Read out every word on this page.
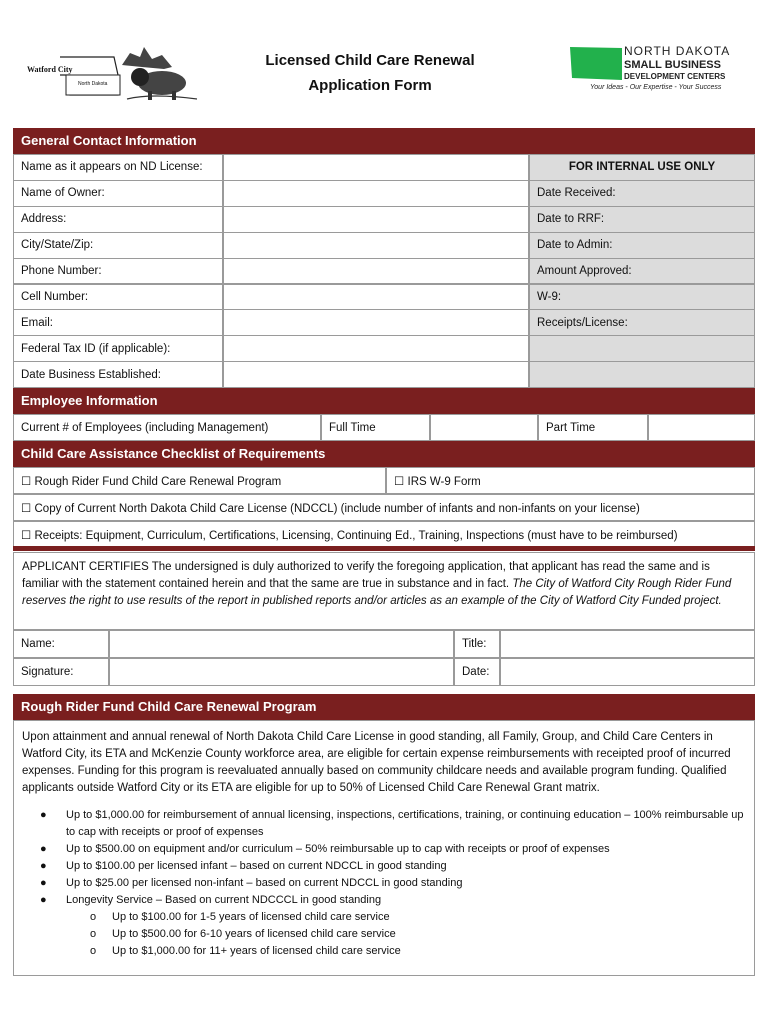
Watford City
North Dakota
Licensed Child Care Renewal
Application Form
NORTH DAKOTA
SMALL BUSINESS
DEVELOPMENT CENTERS
Your Ideas - Our Expertise - Your Success
General Contact Information
Name as it appears on ND License:	FOR INTERNAL USE ONLY
Name of Owner:	Date Received:
Address:	Date to RRF:
City/State/Zip:	Date to Admin:
Phone Number:	Amount Approved:
Cell Number:	W-9:
Email:	Receipts/License:
Federal Tax ID (if applicable):
Date Business Established:
Employee Information
Current # of Employees (including Management)	Full Time	Part Time
Child Care Assistance Checklist of Requirements
☐ Rough Rider Fund Child Care Renewal Program	☐ IRS W-9 Form
☐ Copy of Current North Dakota Child Care License (NDCCL) (include number of infants and non-infants on your license)
☐ Receipts: Equipment, Curriculum, Certifications, Licensing, Continuing Ed., Training, Inspections (must have to be reimbursed)
APPLICANT CERTIFIES The undersigned is duly authorized to verify the foregoing application, that applicant has read the same and is familiar with the statement contained herein and that the same are true in substance and in fact. The City of Watford City Rough Rider Fund reserves the right to use results of the report in published reports and/or articles as an example of the City of Watford City Funded project.
Name:	Title:
Signature:	Date:
Rough Rider Fund Child Care Renewal Program

Upon attainment and annual renewal of North Dakota Child Care License in good standing, all Family, Group, and Child Care Centers in Watford City, its ETA and McKenzie County workforce area, are eligible for certain expense reimbursements with receipted proof of incurred expenses. Funding for this program is reevaluated annually based on community childcare needs and available program funding. Qualified applicants outside Watford City or its ETA are eligible for up to 50% of Licensed Child Care Renewal Grant matrix.

● Up to $1,000.00 for reimbursement of annual licensing, inspections, certifications, training, or continuing education – 100% reimbursable up to cap with receipts or proof of expenses
● Up to $500.00 on equipment and/or curriculum – 50% reimbursable up to cap with receipts or proof of expenses
● Up to $100.00 per licensed infant – based on current NDCCL in good standing
● Up to $25.00 per licensed non-infant – based on current NDCCL in good standing
● Longevity Service – Based on current NDCCCL in good standing
o Up to $100.00 for 1-5 years of licensed child care service
o Up to $500.00 for 6-10 years of licensed child care service
o Up to $1,000.00 for 11+ years of licensed child care service
